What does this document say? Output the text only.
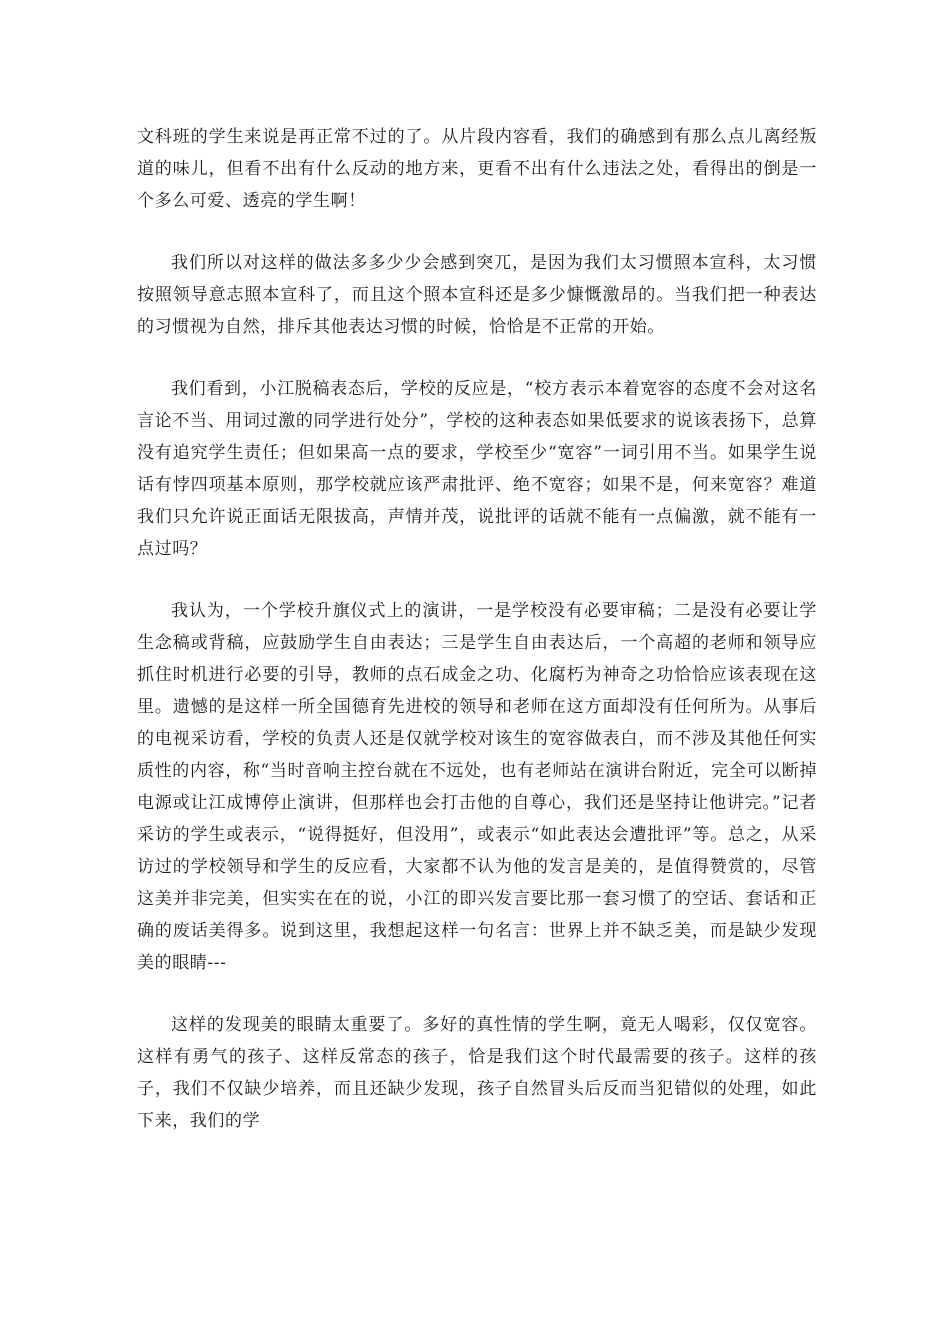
文科班的学生来说是再正常不过的了。从片段内容看，我们的确感到有那么点儿离经叛道的味儿，但看不出有什么反动的地方来，更看不出有什么违法之处，看得出的倒是一个多么可爱、透亮的学生啊！

我们所以对这样的做法多多少少会感到突兀，是因为我们太习惯照本宣科，太习惯按照领导意志照本宣科了，而且这个照本宣科还是多少慷慨激昂的。当我们把一种表达的习惯视为自然，排斥其他表达习惯的时候，恰恰是不正常的开始。

我们看到，小江脱稿表态后，学校的反应是，“校方表示本着宽容的态度不会对这名言论不当、用词过激的同学进行处分”，学校的这种表态如果低要求的说该表扬下，总算没有追究学生责任；但如果高一点的要求，学校至少“宽容”一词引用不当。如果学生说话有悖四项基本原则，那学校就应该严肃批评、绝不宽容；如果不是，何来宽容？难道我们只允许说正面话无限拔高，声情并茂，说批评的话就不能有一点偏激，就不能有一点过吗？

我认为，一个学校升旗仪式上的演讲，一是学校没有必要审稿；二是没有必要让学生念稿或背稿，应鼓励学生自由表达；三是学生自由表达后，一个高超的老师和领导应抓住时机进行必要的引导，教师的点石成金之功、化腐朽为神奇之功恰恰应该表现在这里。遗憾的是这样一所全国德育先进校的领导和老师在这方面却没有任何所为。从事后的电视采访看，学校的负责人还是仅就学校对该生的宽容做表白，而不涉及其他任何实质性的内容，称“当时音响主控台就在不远处，也有老师站在演讲台附近，完全可以断掉电源或让江成博停止演讲，但那样也会打击他的自尊心，我们还是坚持让他讲完。”记者采访的学生或表示，“说得挺好，但没用”，或表示“如此表达会遭批评”等。总之，从采访过的学校领导和学生的反应看，大家都不认为他的发言是美的，是值得赞赏的，尽管这美并非完美，但实实在在的说，小江的即兴发言要比那一套习惯了的空话、套话和正确的废话美得多。说到这里，我想起这样一句名言：世界上并不缺乏美，而是缺少发现美的眼睛---

这样的发现美的眼睛太重要了。多好的真性情的学生啊，竟无人喝彩，仅仅宽容。这样有勇气的孩子、这样反常态的孩子，恰是我们这个时代最需要的孩子。这样的孩子，我们不仅缺少培养，而且还缺少发现，孩子自然冒头后反而当犯错似的处理，如此下来，我们的学
